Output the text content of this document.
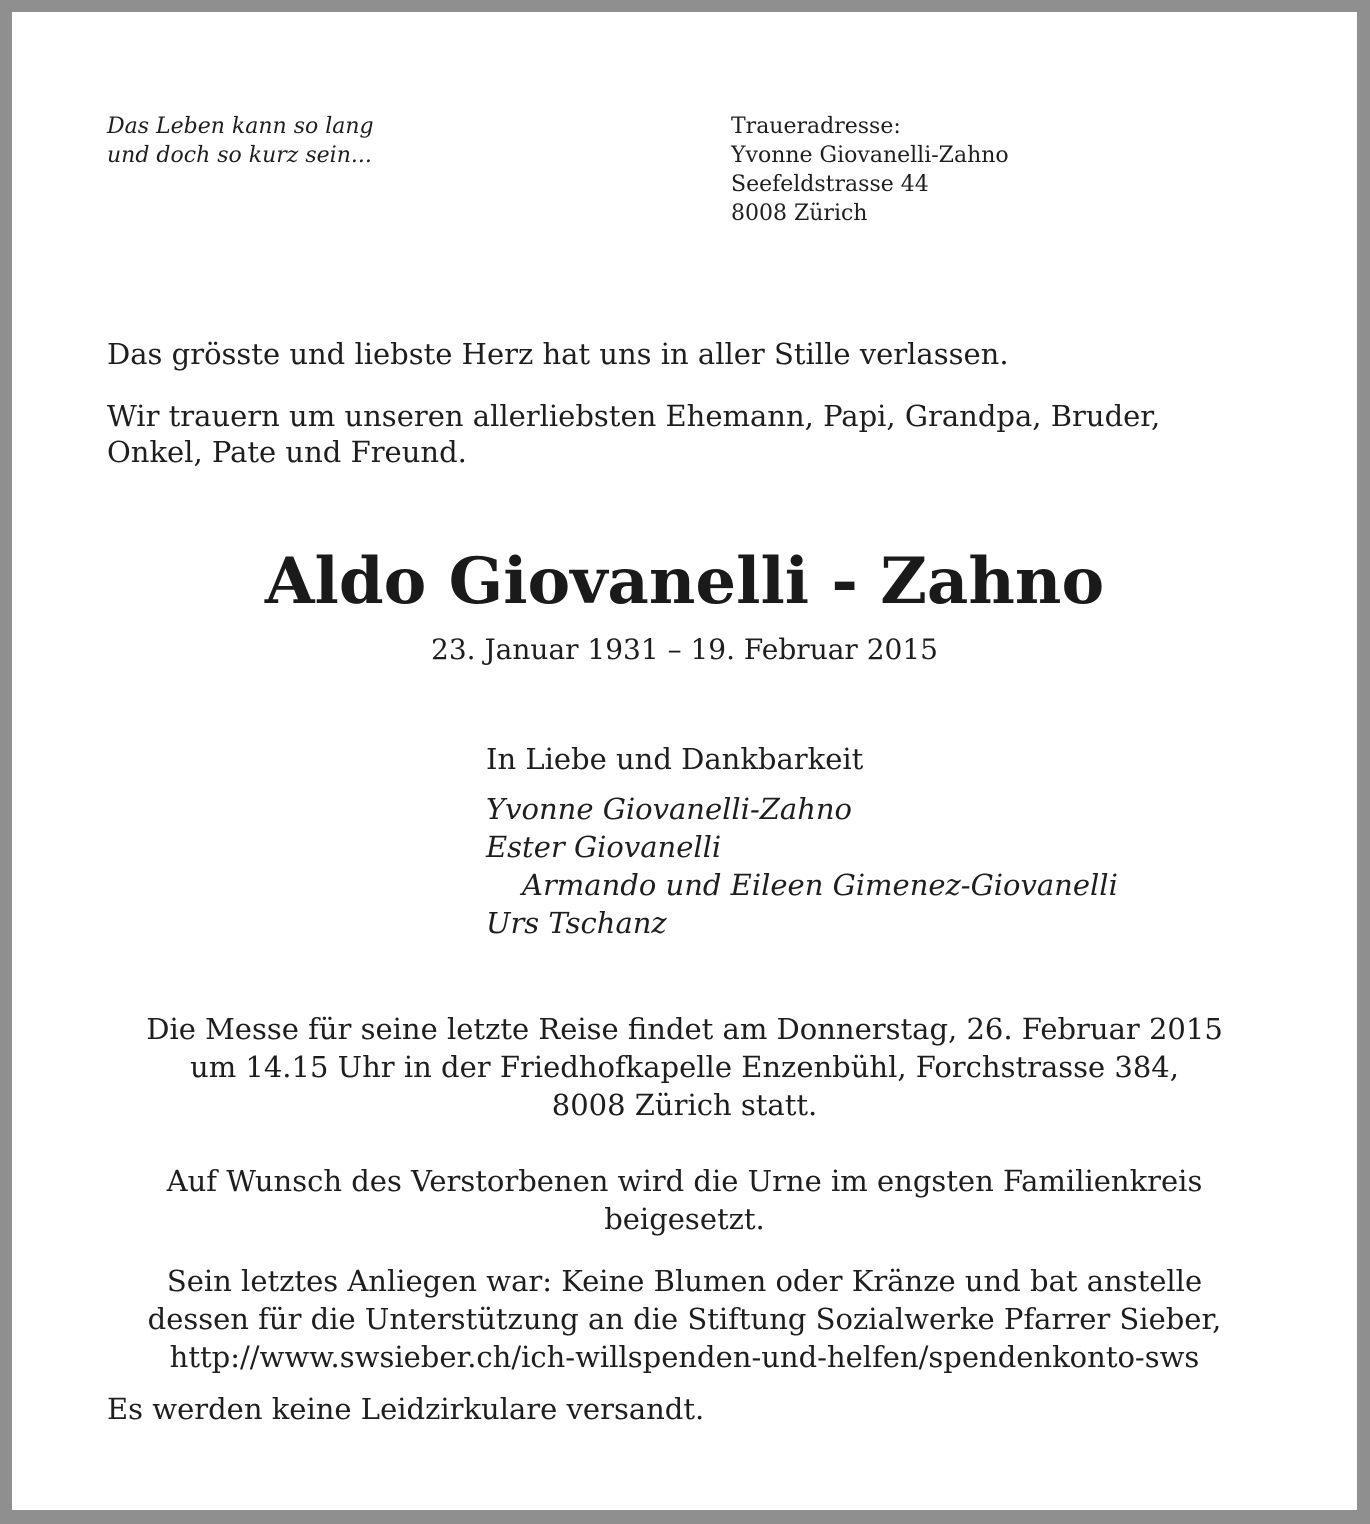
Das Leben kann so lang
und doch so kurz sein...
Traueradresse:
Yvonne Giovanelli-Zahno
Seefeldstrasse 44
8008 Zürich
Das grösste und liebste Herz hat uns in aller Stille verlassen.
Wir trauern um unseren allerliebsten Ehemann, Papi, Grandpa, Bruder,
Onkel, Pate und Freund.
Aldo Giovanelli - Zahno
23. Januar 1931 – 19. Februar 2015
In Liebe und Dankbarkeit
Yvonne Giovanelli-Zahno
Ester Giovanelli
Armando und Eileen Gimenez-Giovanelli
Urs Tschanz
Die Messe für seine letzte Reise findet am Donnerstag, 26. Februar 2015
um 14.15 Uhr in der Friedhofkapelle Enzenbühl, Forchstrasse 384,
8008 Zürich statt.
Auf Wunsch des Verstorbenen wird die Urne im engsten Familienkreis
beigesetzt.
Sein letztes Anliegen war: Keine Blumen oder Kränze und bat anstelle
dessen für die Unterstützung an die Stiftung Sozialwerke Pfarrer Sieber,
http://www.swsieber.ch/ich-willspenden-und-helfen/spendenkonto-sws
Es werden keine Leidzirkulare versandt.
